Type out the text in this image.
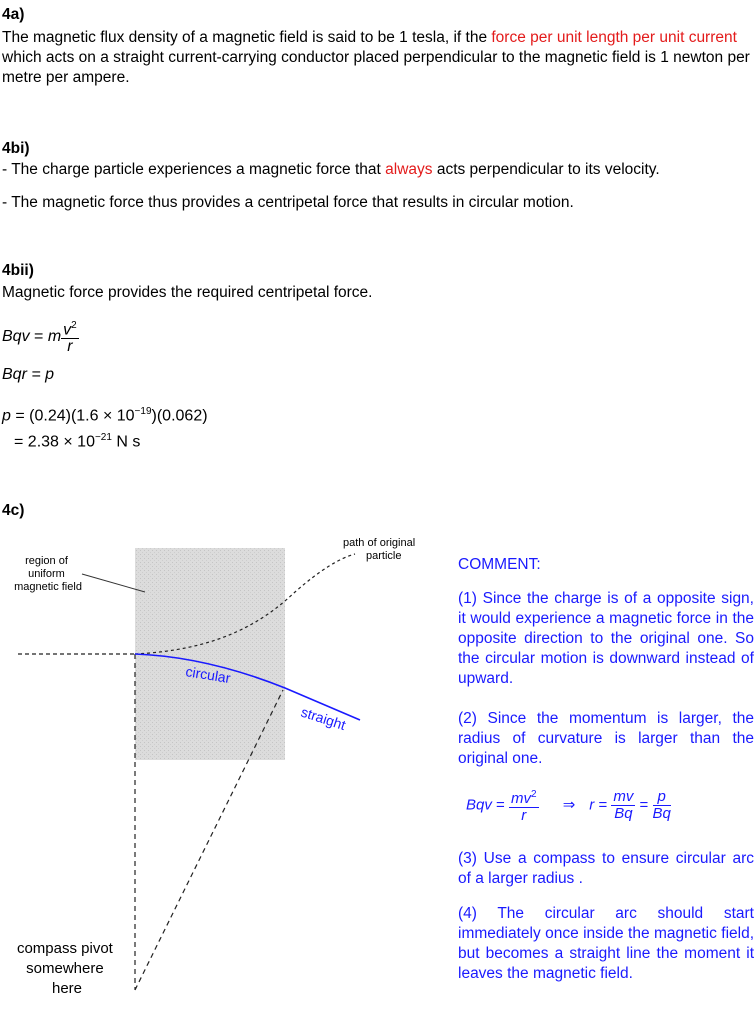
4a)
The magnetic flux density of a magnetic field is said to be 1 tesla, if the force per unit length per unit current which acts on a straight current-carrying conductor placed perpendicular to the magnetic field is 1 newton per metre per ampere.
4bi)
- The charge particle experiences a magnetic force that always acts perpendicular to its velocity.
- The magnetic force thus provides a centripetal force that results in circular motion.
4bii)
Magnetic force provides the required centripetal force.
Bqv = m $\frac{v^2}{r}$
Bqr = p
$p = (0.24)(1.6 \times 10^{-19})(0.062)$
= $2.38 \times 10^{-21}$ N s
4c)
region of uniform magnetic field
path of original particle
circular
straight
compass pivot somewhere here
COMMENT:
(1) Since the charge is of a opposite sign, it would experience a magnetic force in the opposite direction to the original one. So the circular motion is downward instead of upward.
(2) Since the momentum is larger, the radius of curvature is larger than the original one.
Bqv = $\frac{mv^2}{r}$ ⇒ $r = \frac{mv}{Bq} = \frac{p}{Bq}$
(3) Use a compass to ensure circular arc of a larger radius .
(4) The circular arc should start immediately once inside the magnetic field, but becomes a straight line the moment it leaves the magnetic field.
